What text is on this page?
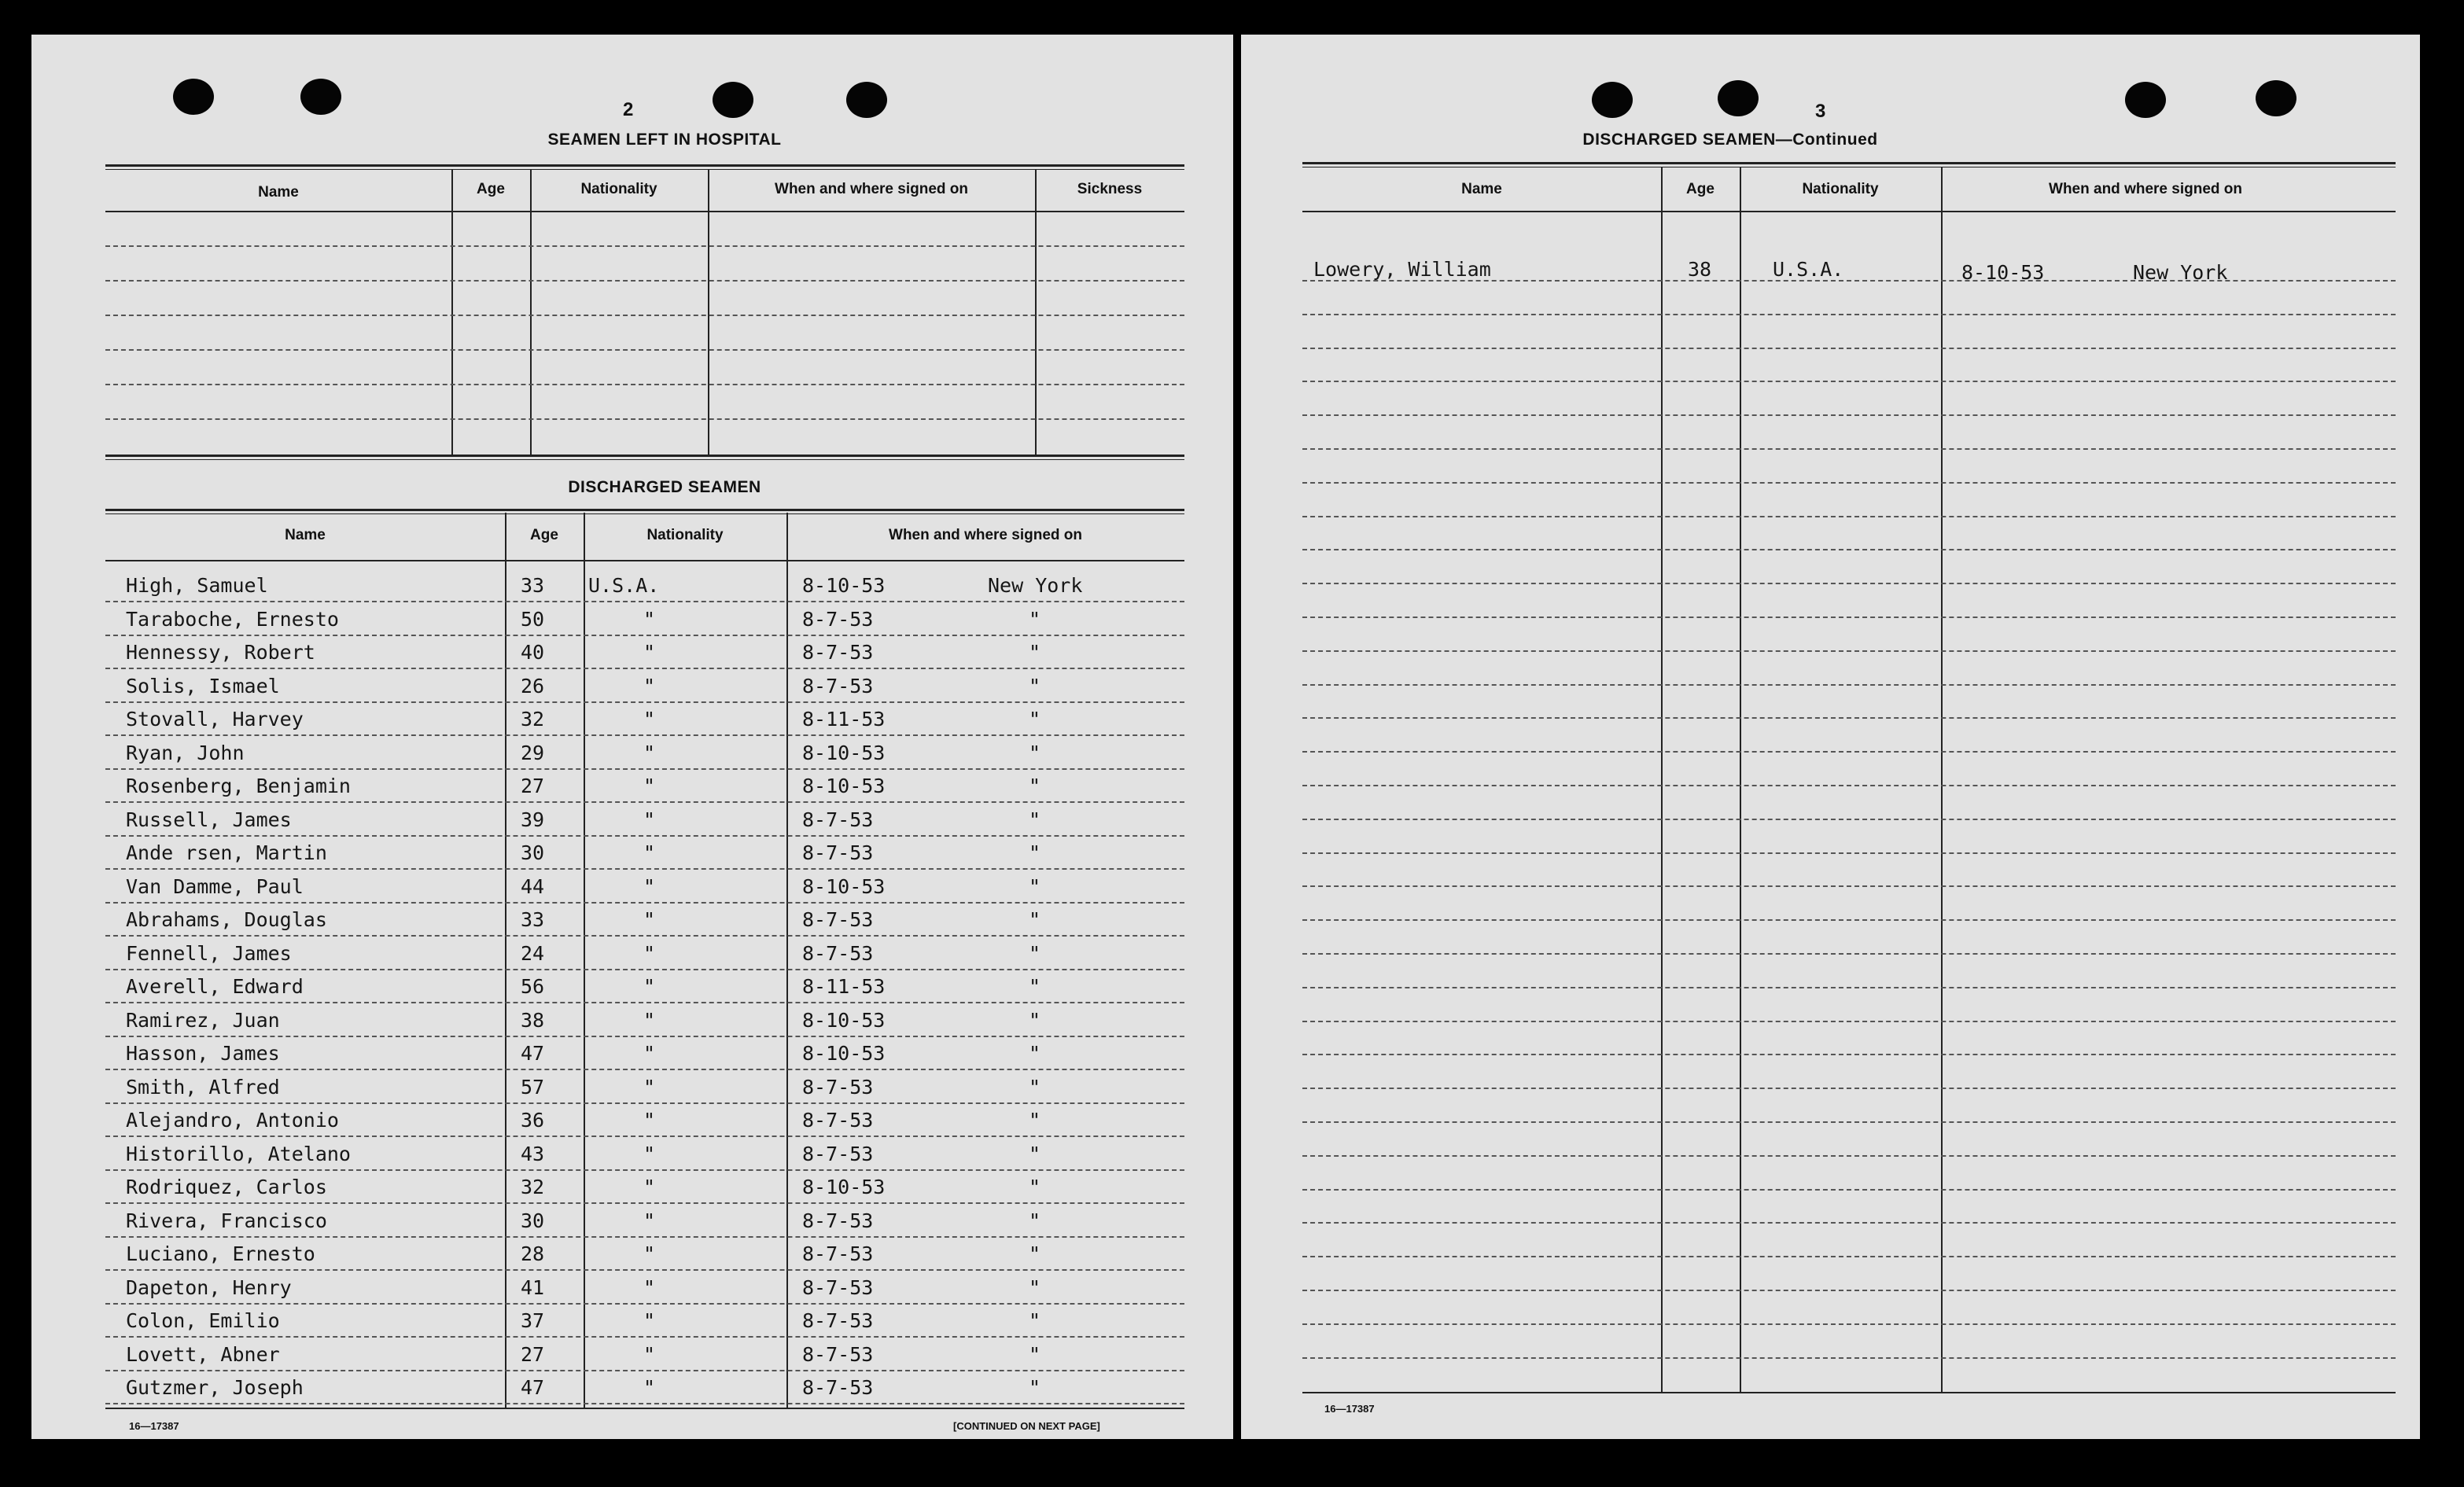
2
SEAMEN LEFT IN HOSPITAL
Name	Age	Nationality	When and where signed on	Sickness
DISCHARGED SEAMEN
Name	Age	Nationality	When and where signed on
High, Samuel	33 U.S.A.	8-10-53	New York
Taraboche, Ernesto	50	"	8-7-53	"
Hennessy, Robert	40	"	8-7-53	"
Solis, Ismael	26	"	8-7-53	"
Stovall, Harvey	32	"	8-11-53	"
Ryan, John	29	"	8-10-53	"
Rosenberg, Benjamin	27	"	8-10-53	"
Russell, James	39	"	8-7-53	"
Ande rsen, Martin	30	"	8-7-53	"
Van Damme, Paul	44	"	8-10-53	"
Abrahams, Douglas	33	"	8-7-53	"
Fennell, James	24	"	8-7-53	"
Averell, Edward	56	"	8-11-53	"
Ramirez, Juan	38	"	8-10-53	"
Hasson, James	47	"	8-10-53	"
Smith, Alfred	57	"	8-7-53	"
Alejandro, Antonio	36	"	8-7-53	"
Historillo, Atelano	43	"	8-7-53	"
Rodriquez, Carlos	32	"	8-10-53	"
Rivera, Francisco	30	"	8-7-53	"
Luciano, Ernesto	28	"	8-7-53	"
Dapeton, Henry	41	"	8-7-53	"
Colon, Emilio	37	"	8-7-53	"
Lovett, Abner	27	"	8-7-53	"
Gutzmer, Joseph	47	"	8-7-53	"
16—17387	[CONTINUED ON NEXT PAGE]
3
DISCHARGED SEAMEN—Continued
Name	Age	Nationality	When and where signed on
Lowery, William	38	U.S.A.	8-10-53	New York
16—17387
